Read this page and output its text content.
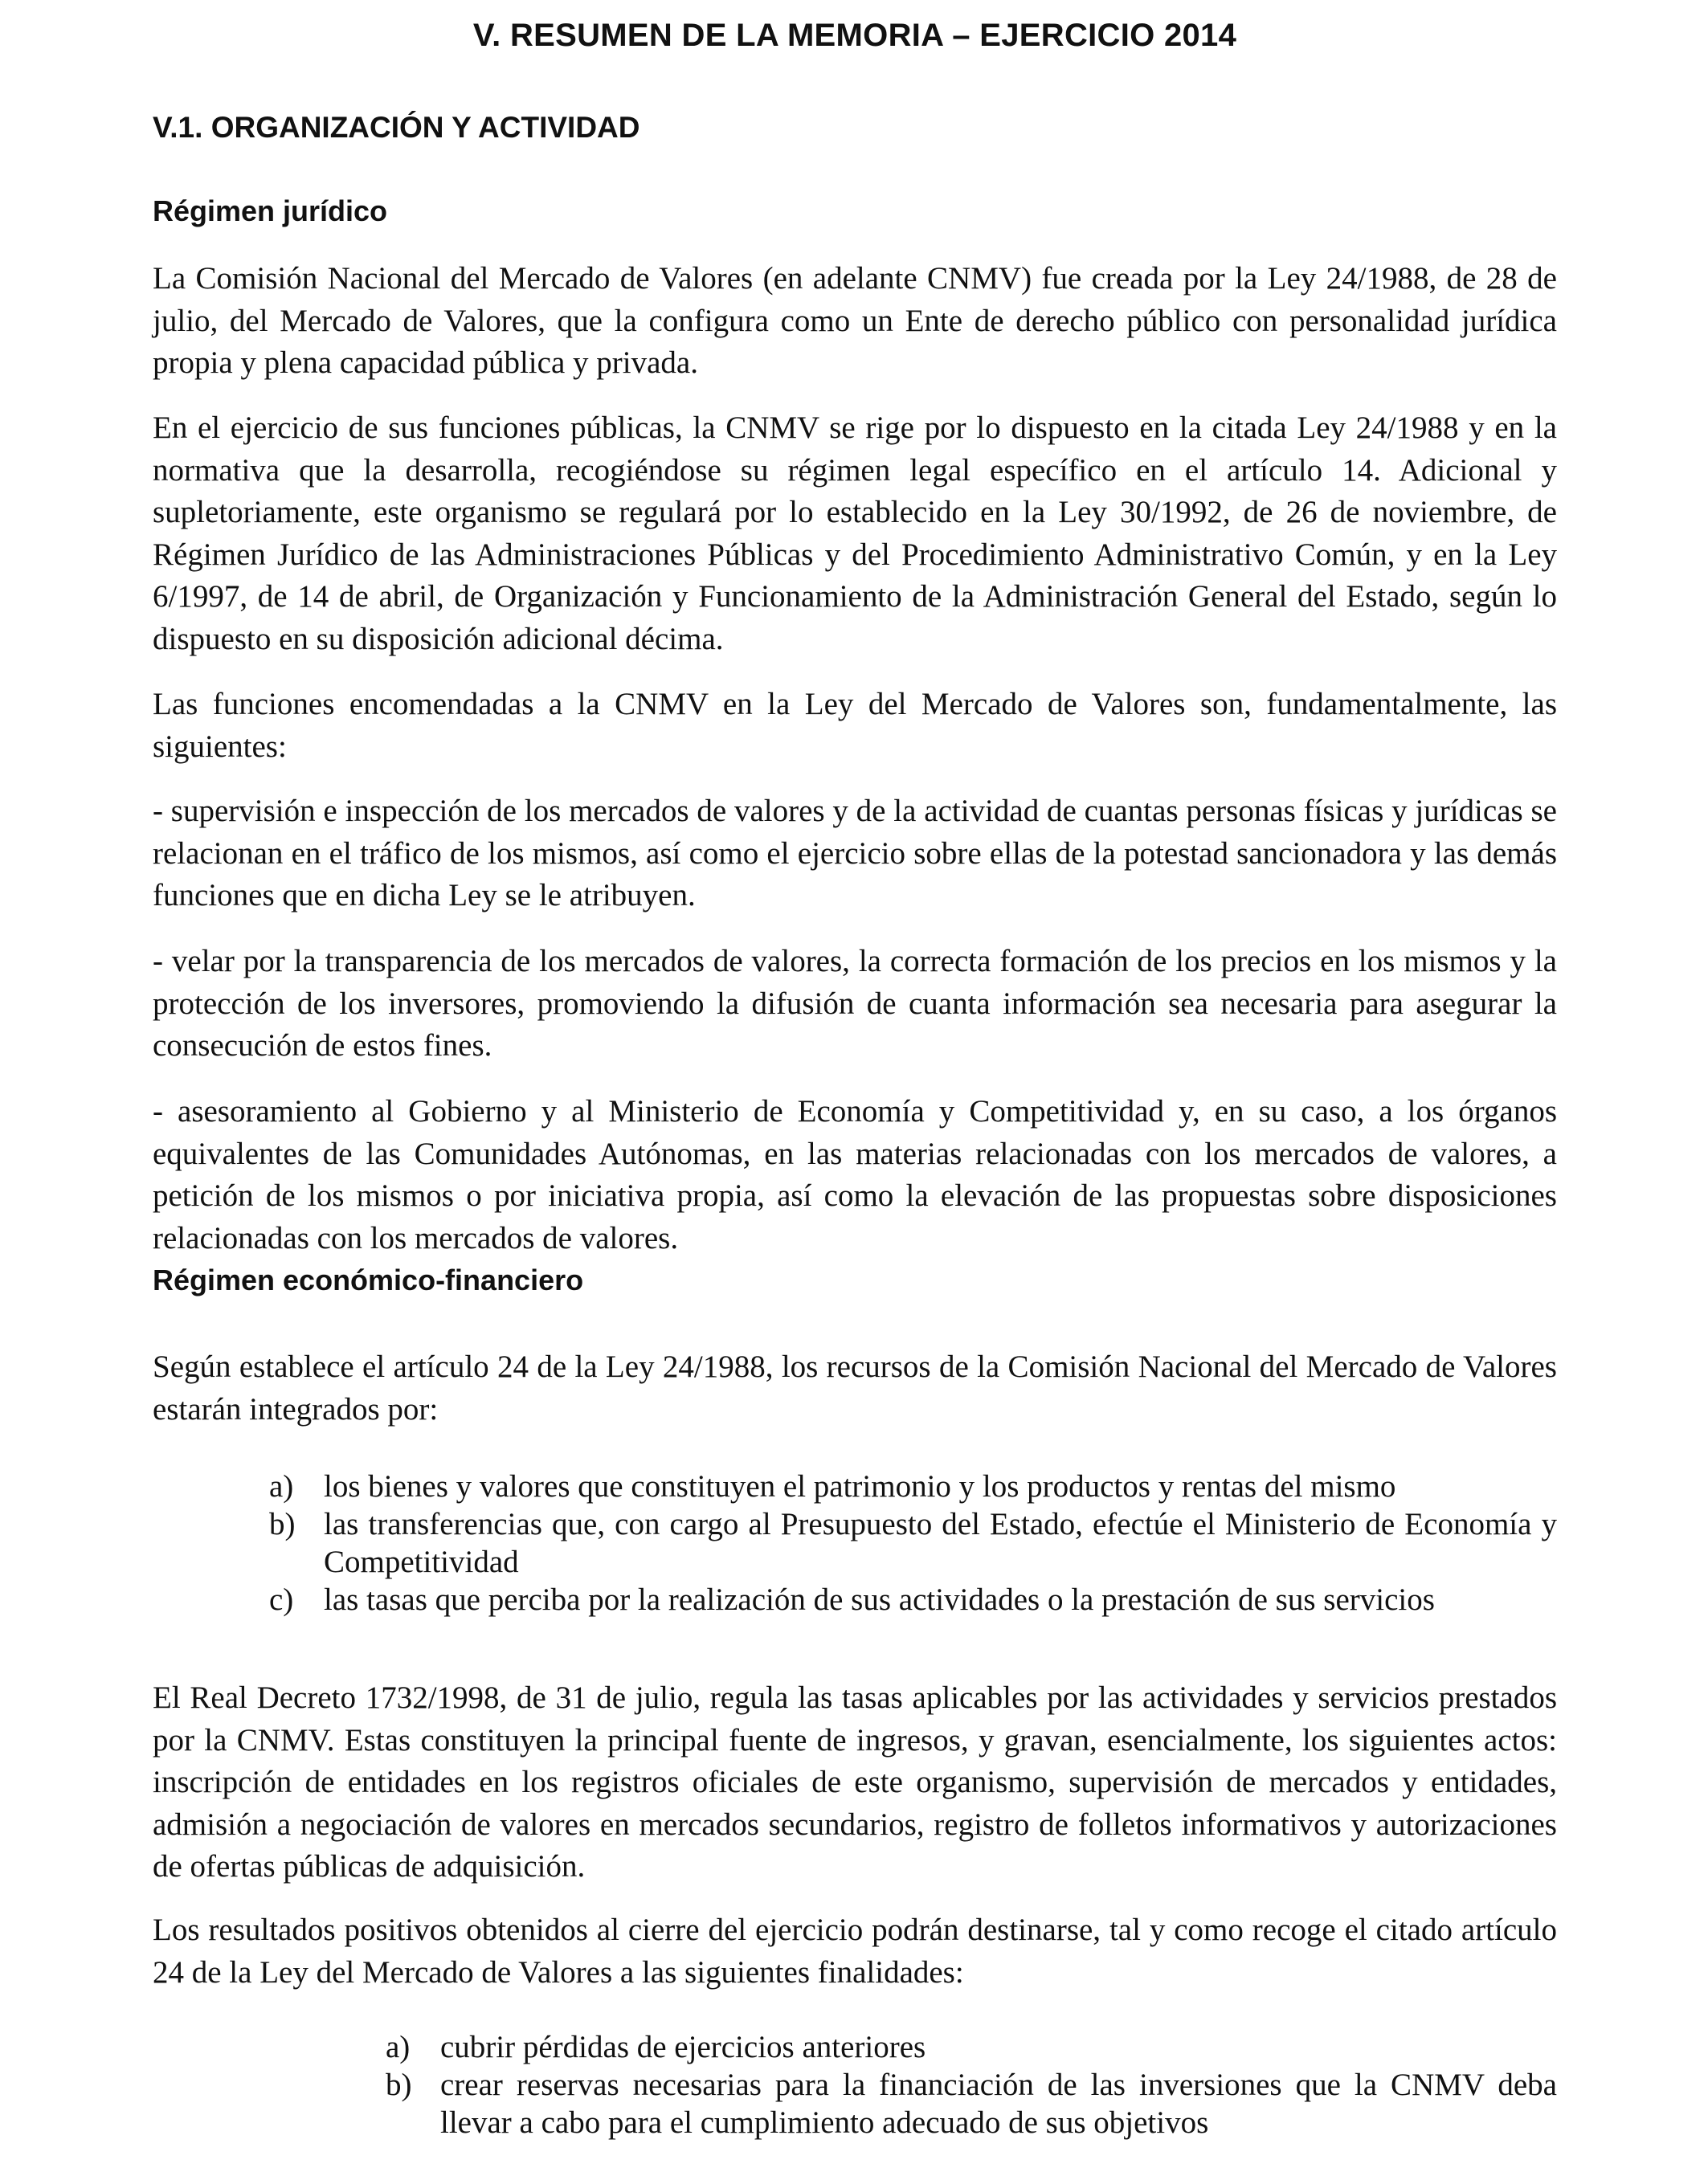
V. RESUMEN DE LA MEMORIA – EJERCICIO 2014
V.1. ORGANIZACIÓN Y ACTIVIDAD
Régimen jurídico

La Comisión Nacional del Mercado de Valores (en adelante CNMV) fue creada por la Ley 24/1988, de 28 de julio, del Mercado de Valores, que la configura como un Ente de derecho público con personalidad jurídica propia y plena capacidad pública y privada.

En el ejercicio de sus funciones públicas, la CNMV se rige por lo dispuesto en la citada Ley 24/1988 y en la normativa que la desarrolla, recogiéndose su régimen legal específico en el artículo 14. Adicional y supletoriamente, este organismo se regulará por lo establecido en la Ley 30/1992, de 26 de noviembre, de Régimen Jurídico de las Administraciones Públicas y del Procedimiento Administrativo Común, y en la Ley 6/1997, de 14 de abril, de Organización y Funcionamiento de la Administración General del Estado, según lo dispuesto en su disposición adicional décima.

Las funciones encomendadas a la CNMV en la Ley del Mercado de Valores son, fundamentalmente, las siguientes:

- supervisión e inspección de los mercados de valores y de la actividad de cuantas personas físicas y jurídicas se relacionan en el tráfico de los mismos, así como el ejercicio sobre ellas de la potestad sancionadora y las demás funciones que en dicha Ley se le atribuyen.

- velar por la transparencia de los mercados de valores, la correcta formación de los precios en los mismos y la protección de los inversores, promoviendo la difusión de cuanta información sea necesaria para asegurar la consecución de estos fines.

- asesoramiento al Gobierno y al Ministerio de Economía y Competitividad y, en su caso, a los órganos equivalentes de las Comunidades Autónomas, en las materias relacionadas con los mercados de valores, a petición de los mismos o por iniciativa propia, así como la elevación de las propuestas sobre disposiciones relacionadas con los mercados de valores.

Régimen económico-financiero

Según establece el artículo 24 de la Ley 24/1988, los recursos de la Comisión Nacional del Mercado de Valores estarán integrados por:

a) los bienes y valores que constituyen el patrimonio y los productos y rentas del mismo
b) las transferencias que, con cargo al Presupuesto del Estado, efectúe el Ministerio de Economía y Competitividad
c) las tasas que perciba por la realización de sus actividades o la prestación de sus servicios

El Real Decreto 1732/1998, de 31 de julio, regula las tasas aplicables por las actividades y servicios prestados por la CNMV. Estas constituyen la principal fuente de ingresos, y gravan, esencialmente, los siguientes actos: inscripción de entidades en los registros oficiales de este organismo, supervisión de mercados y entidades, admisión a negociación de valores en mercados secundarios, registro de folletos informativos y autorizaciones de ofertas públicas de adquisición.

Los resultados positivos obtenidos al cierre del ejercicio podrán destinarse, tal y como recoge el citado artículo 24 de la Ley del Mercado de Valores a las siguientes finalidades:

a) cubrir pérdidas de ejercicios anteriores
b) crear reservas necesarias para la financiación de las inversiones que la CNMV deba llevar a cabo para el cumplimiento adecuado de sus objetivos
